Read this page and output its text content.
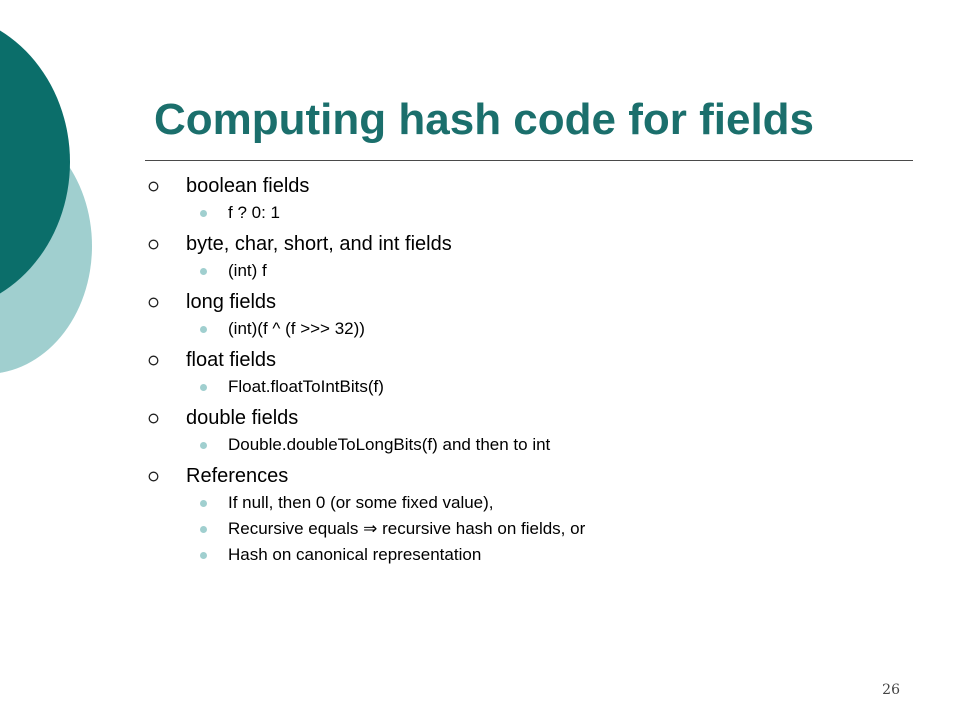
Computing hash code for fields
boolean fields
f ? 0: 1
byte, char, short, and int fields
(int) f
long fields
(int)(f ^ (f >>> 32))
float fields
Float.floatToIntBits(f)
double fields
Double.doubleToLongBits(f) and then to int
References
If null, then 0 (or some fixed value),
Recursive equals ⇒ recursive hash on fields, or
Hash on canonical representation
26
